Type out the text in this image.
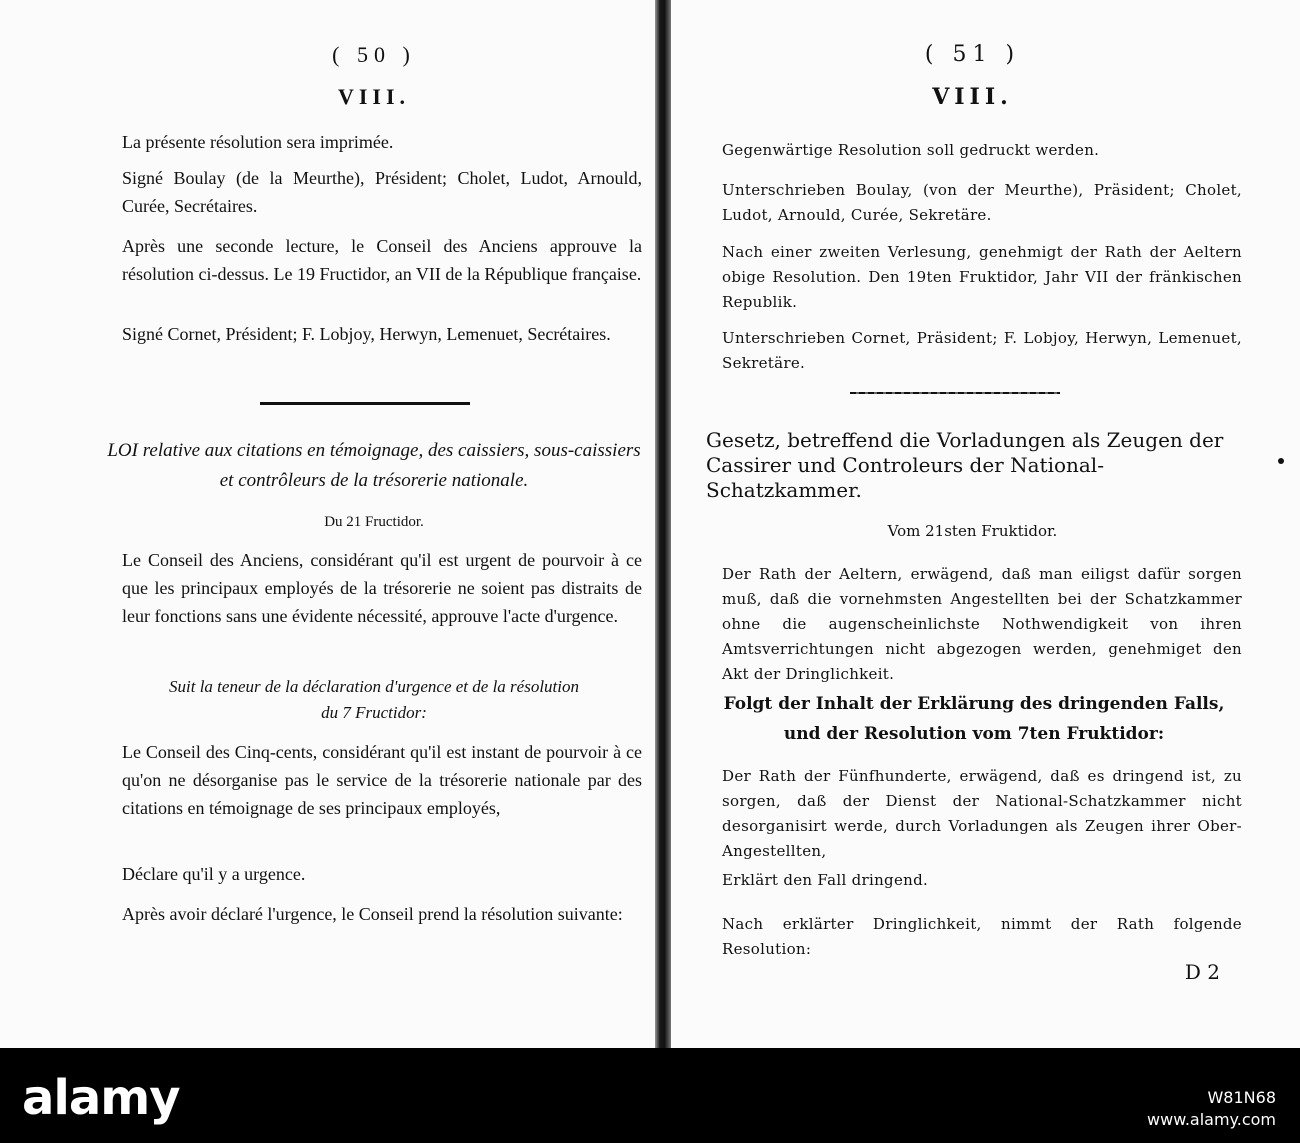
( 50 )

VIII.

La présente résolution sera imprimée.

Signé Boulay (de la Meurthe), Président; Cholet, Ludot, Arnould, Curée, Secrétaires.

Après une seconde lecture, le Conseil des Anciens approuve la résolution ci-dessus. Le 19 Fructidor, an VII de la République française.

Signé Cornet, Président; F. Lobjoy, Herwyn, Lemenuet, Secrétaires.

LOI relative aux citations en témoignage, des caissiers, sous-caissiers et contrôleurs de la trésorerie nationale.

Du 21 Fructidor.

Le Conseil des Anciens, considérant qu'il est urgent de pourvoir à ce que les principaux employés de la trésorerie ne soient pas distraits de leur fonctions sans une évidente nécessité, approuve l'acte d'urgence.

Suit la teneur de la déclaration d'urgence et de la résolution

du 7 Fructidor:

Le Conseil des Cinq-cents, considérant qu'il est instant de pourvoir à ce qu'on ne désorganise pas le service de la trésorerie nationale par des citations en témoignage de ses principaux employés,

Déclare qu'il y a urgence.

Après avoir déclaré l'urgence, le Conseil prend la résolution suivante:

( 51 )

VIII.

Gegenwärtige Resolution soll gedruckt werden.

Unterschrieben Boulay, (von der Meurthe), Präsident; Cholet, Ludot, Arnould, Curée, Sekretäre.

Nach einer zweiten Verlesung, genehmigt der Rath der Aeltern obige Resolution. Den 19ten Fruktidor, Jahr VII der fränkischen Republik.

Unterschrieben Cornet, Präsident; F. Lobjoy, Herwyn, Lemenuet, Sekretäre.

Gesetz, betreffend die Vorladungen als Zeugen der Cassirer und Controleurs der National-Schatzkammer.

Vom 21sten Fruktidor.

Der Rath der Aeltern, erwägend, daß man eiligst dafür sorgen muß, daß die vornehmsten Angestellten bei der Schatzkammer ohne die augenscheinlichste Nothwendigkeit von ihren Amtsverrichtungen nicht abgezogen werden, genehmiget den Akt der Dringlichkeit.

Folgt der Inhalt der Erklärung des dringenden Falls,

und der Resolution vom 7ten Fruktidor:

Der Rath der Fünfhunderte, erwägend, daß es dringend ist, zu sorgen, daß der Dienst der National-Schatzkammer nicht desorganisirt werde, durch Vorladungen als Zeugen ihrer Ober-Angestellten,

Erklärt den Fall dringend.

Nach erklärter Dringlichkeit, nimmt der Rath folgende Resolution:

D 2

alamy	W81N68
www.alamy.com
